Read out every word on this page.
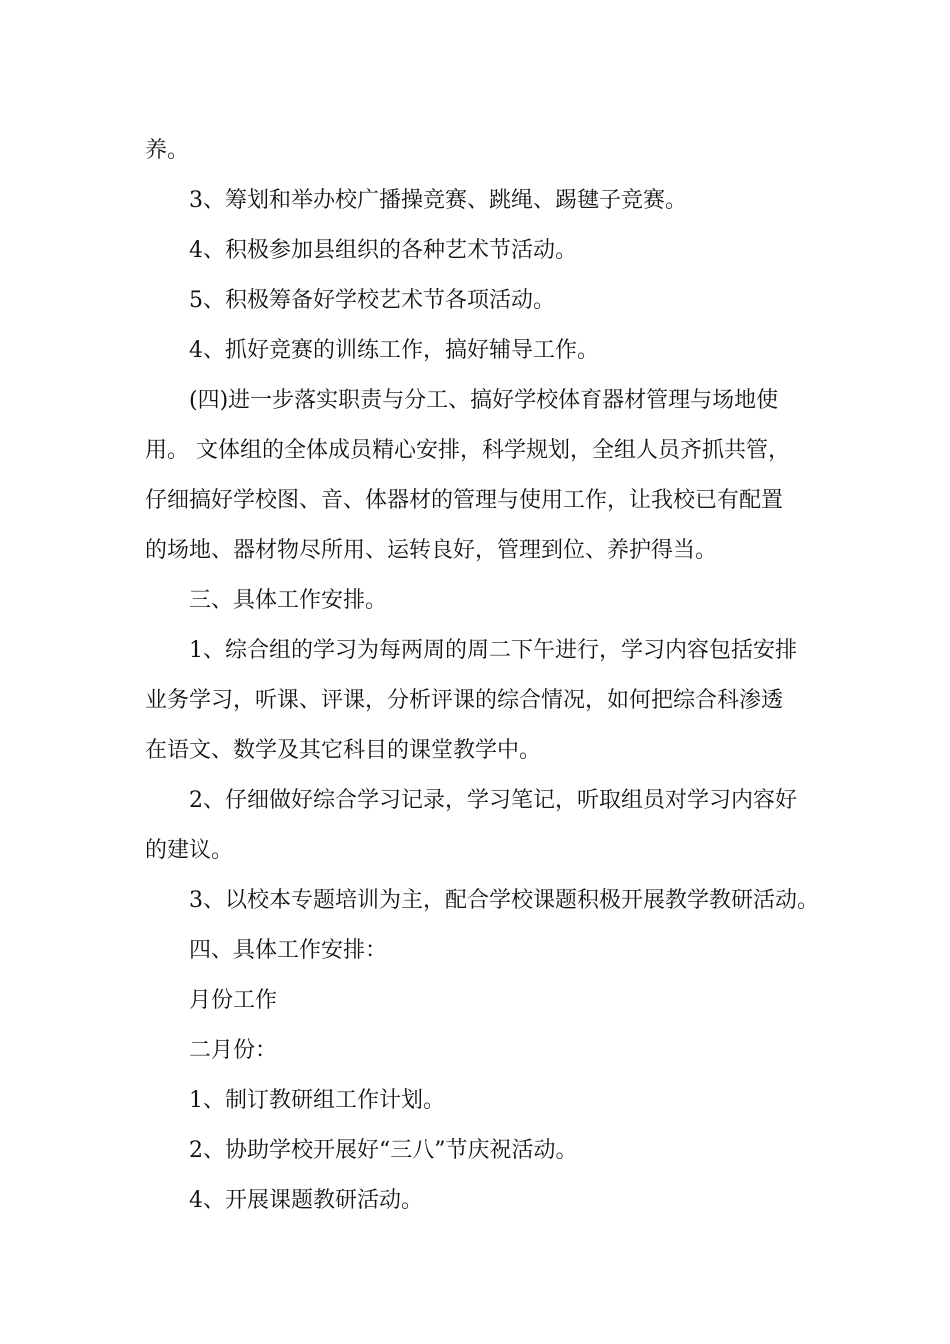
养。
3、筹划和举办校广播操竞赛、跳绳、踢毽子竞赛。
4、积极参加县组织的各种艺术节活动。
5、积极筹备好学校艺术节各项活动。
4、抓好竞赛的训练工作，搞好辅导工作。
(四)进一步落实职责与分工、搞好学校体育器材管理与场地使
用。 文体组的全体成员精心安排，科学规划，全组人员齐抓共管，
仔细搞好学校图、音、体器材的管理与使用工作，让我校已有配置
的场地、器材物尽所用、运转良好，管理到位、养护得当。
三、具体工作安排。
1、综合组的学习为每两周的周二下午进行，学习内容包括安排
业务学习，听课、评课，分析评课的综合情况，如何把综合科渗透
在语文、数学及其它科目的课堂教学中。
2、仔细做好综合学习记录，学习笔记，听取组员对学习内容好
的建议。
3、以校本专题培训为主，配合学校课题积极开展教学教研活动。
四、具体工作安排：
月份工作
二月份：
1、制订教研组工作计划。
2、协助学校开展好“三八”节庆祝活动。
4、开展课题教研活动。
